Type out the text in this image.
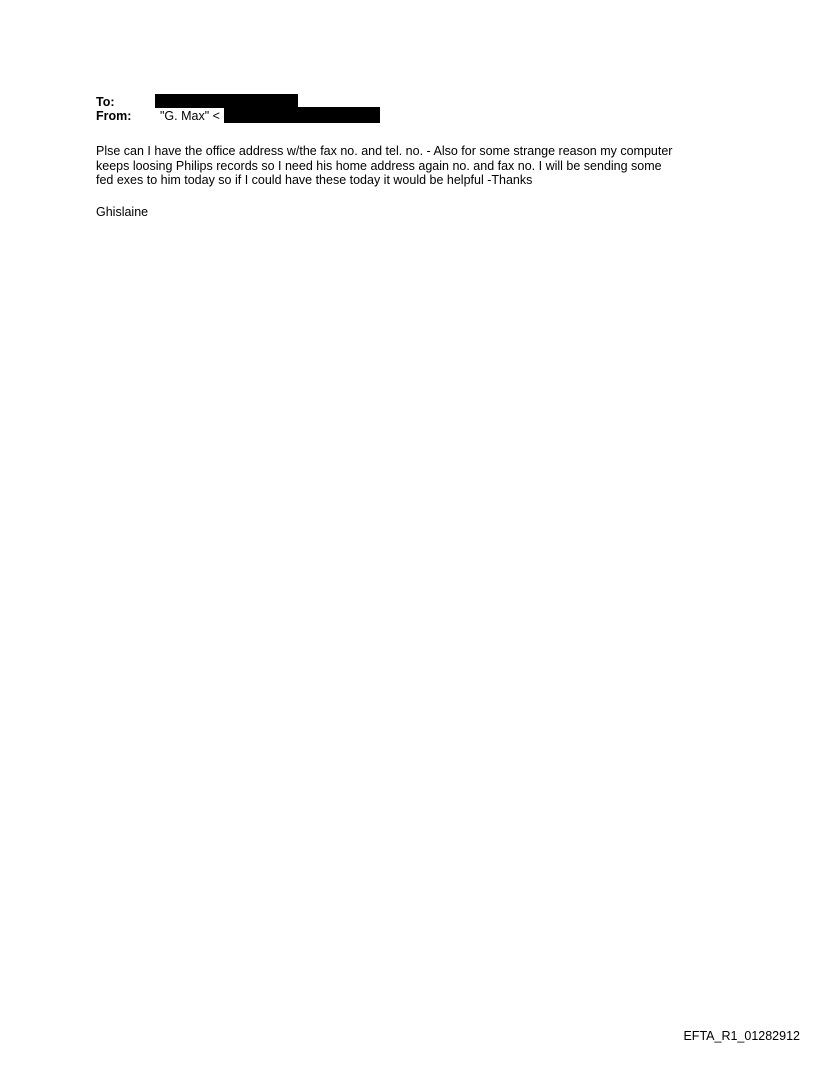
To:
From: "G. Max" <

Plse can I have the office address w/the fax no. and tel. no. - Also for some strange reason my computer

keeps loosing Philips records so I need his home address again no. and fax no. I will be sending some

fed exes to him today so if I could have these today it would be helpful -Thanks

Ghislaine
EFTA_R1_01282912
